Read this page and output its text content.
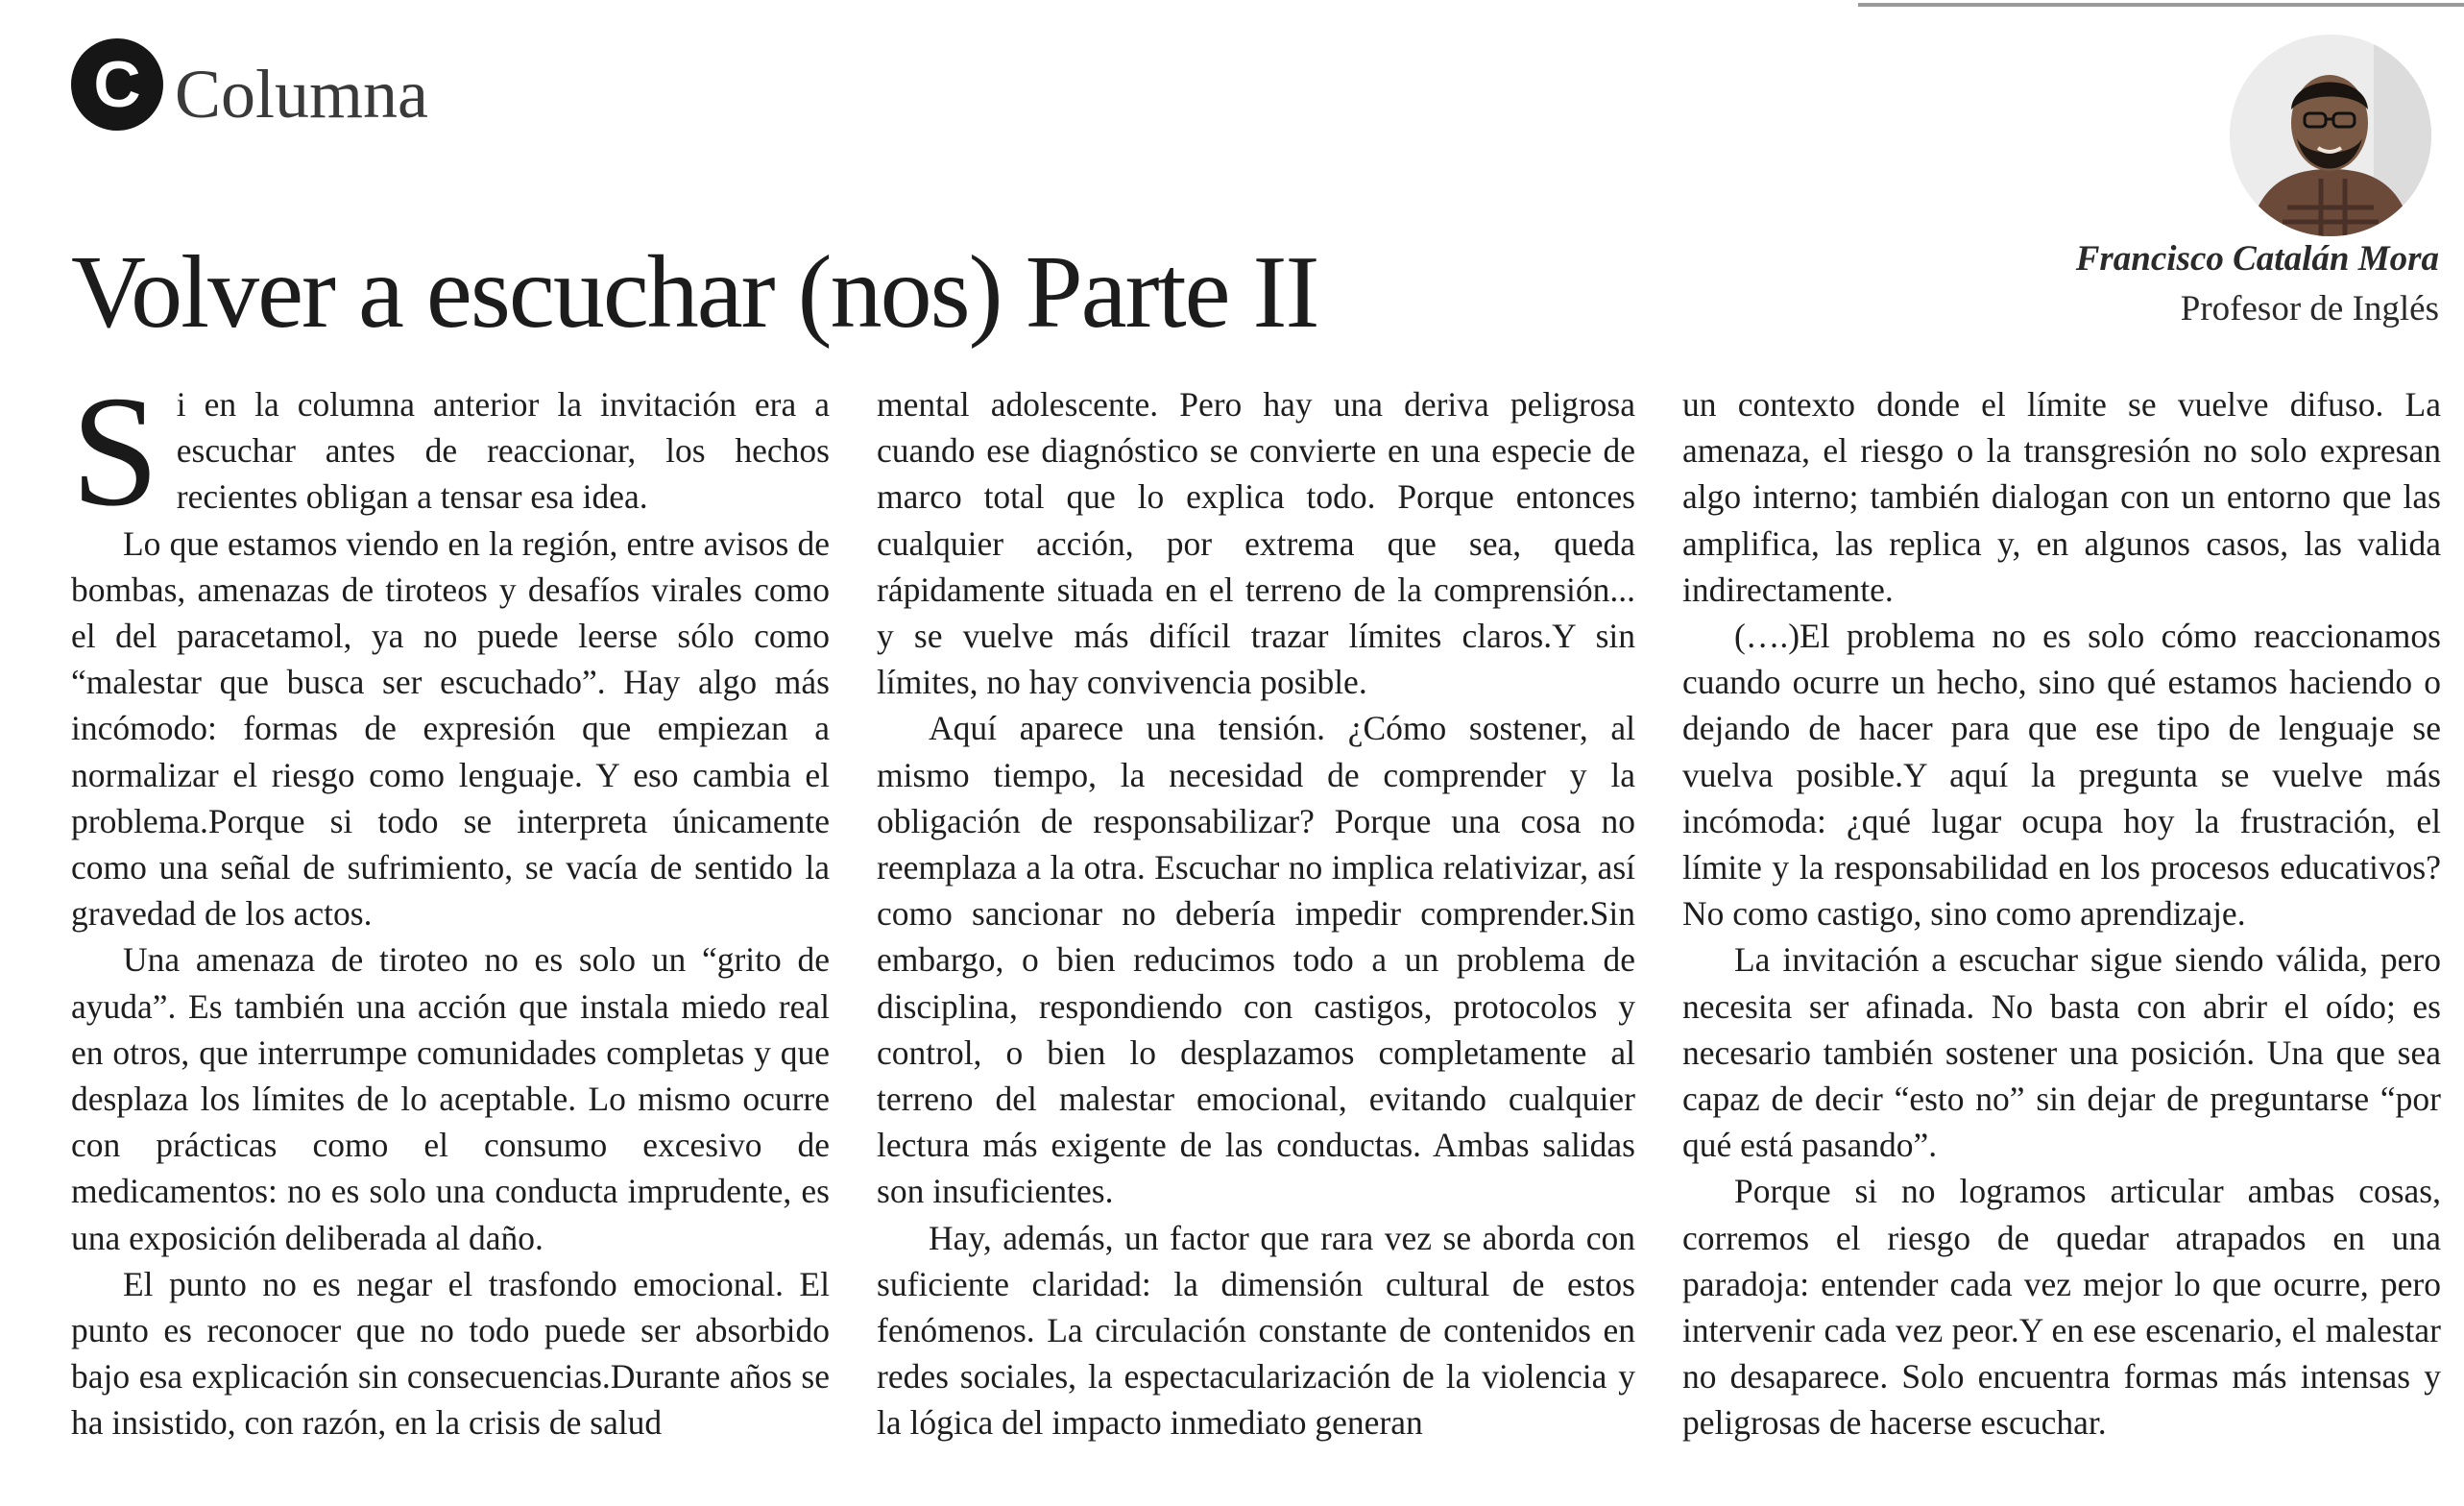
C Columna
Francisco Catalán Mora
Profesor de Inglés
Volver a escuchar (nos) Parte II

Si en la columna anterior la invitación era a escuchar antes de reaccionar, los hechos recientes obligan a tensar esa idea.

Lo que estamos viendo en la región, entre avisos de bombas, amenazas de tiroteos y desafíos virales como el del paracetamol, ya no puede leerse sólo como “malestar que busca ser escuchado”. Hay algo más incómodo: formas de expresión que empiezan a normalizar el riesgo como lenguaje. Y eso cambia el problema.Porque si todo se interpreta únicamente como una señal de sufrimiento, se vacía de sentido la gravedad de los actos.

Una amenaza de tiroteo no es solo un “grito de ayuda”. Es también una acción que instala miedo real en otros, que interrumpe comunidades completas y que desplaza los límites de lo aceptable. Lo mismo ocurre con prácticas como el consumo excesivo de medicamentos: no es solo una conducta imprudente, es una exposición deliberada al daño.

El punto no es negar el trasfondo emocional. El punto es reconocer que no todo puede ser absorbido bajo esa explicación sin consecuencias.Durante años se ha insistido, con razón, en la crisis de salud

mental adolescente. Pero hay una deriva peligrosa cuando ese diagnóstico se convierte en una especie de marco total que lo explica todo. Porque entonces cualquier acción, por extrema que sea, queda rápidamente situada en el terreno de la comprensión... y se vuelve más difícil trazar límites claros.Y sin límites, no hay convivencia posible.

Aquí aparece una tensión. ¿Cómo sostener, al mismo tiempo, la necesidad de comprender y la obligación de responsabilizar? Porque una cosa no reemplaza a la otra. Escuchar no implica relativizar, así como sancionar no debería impedir comprender.Sin embargo, o bien reducimos todo a un problema de disciplina, respondiendo con castigos, protocolos y control, o bien lo desplazamos completamente al terreno del malestar emocional, evitando cualquier lectura más exigente de las conductas. Ambas salidas son insuficientes.

Hay, además, un factor que rara vez se aborda con suficiente claridad: la dimensión cultural de estos fenómenos. La circulación constante de contenidos en redes sociales, la espectacularización de la violencia y la lógica del impacto inmediato generan

un contexto donde el límite se vuelve difuso. La amenaza, el riesgo o la transgresión no solo expresan algo interno; también dialogan con un entorno que las amplifica, las replica y, en algunos casos, las valida indirectamente.

(….)El problema no es solo cómo reaccionamos cuando ocurre un hecho, sino qué estamos haciendo o dejando de hacer para que ese tipo de lenguaje se vuelva posible.Y aquí la pregunta se vuelve más incómoda: ¿qué lugar ocupa hoy la frustración, el límite y la responsabilidad en los procesos educativos?No como castigo, sino como aprendizaje.

La invitación a escuchar sigue siendo válida, pero necesita ser afinada. No basta con abrir el oído; es necesario también sostener una posición. Una que sea capaz de decir “esto no” sin dejar de preguntarse “por qué está pasando”.

Porque si no logramos articular ambas cosas, corremos el riesgo de quedar atrapados en una paradoja: entender cada vez mejor lo que ocurre, pero intervenir cada vez peor.Y en ese escenario, el malestar no desaparece. Solo encuentra formas más intensas y peligrosas de hacerse escuchar.
